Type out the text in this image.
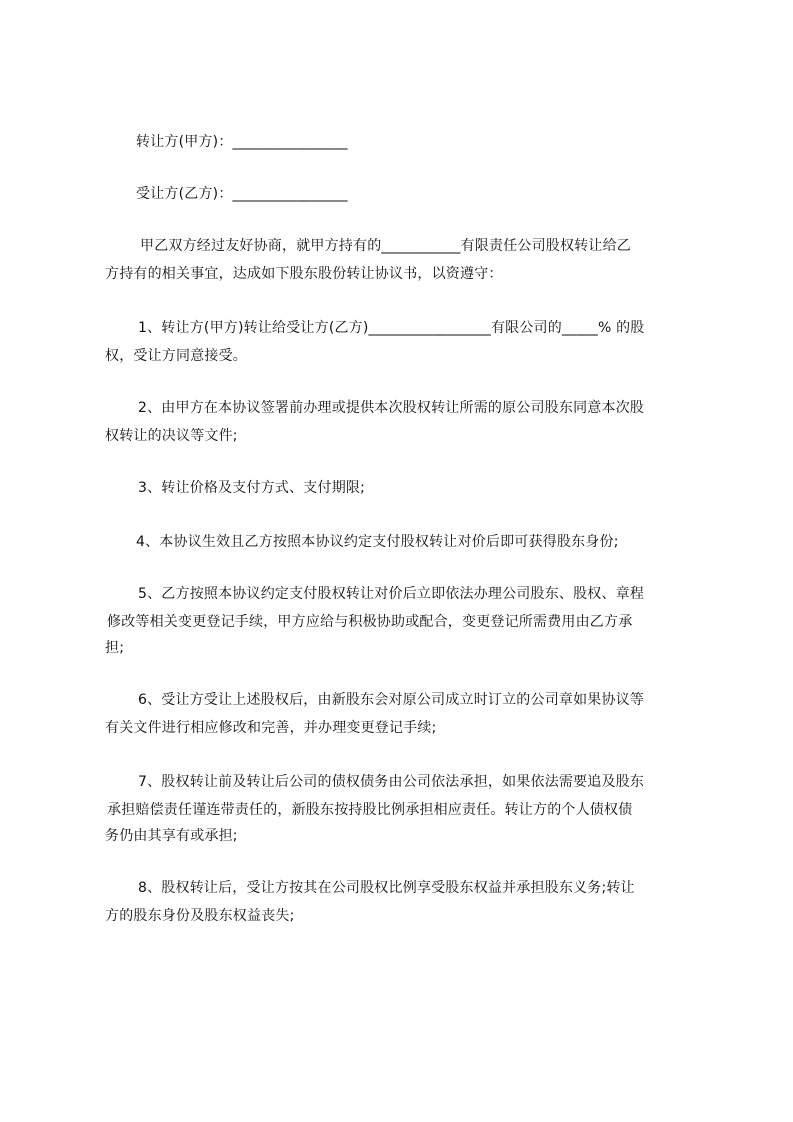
转让方(甲方)：________________
受让方(乙方)：________________
甲乙双方经过友好协商，就甲方持有的___________有限责任公司股权转让给乙
方持有的相关事宜，达成如下股东股份转让协议书，以资遵守：
1、转让方(甲方)转让给受让方(乙方)_________________有限公司的_____% 的股
权，受让方同意接受。
2、由甲方在本协议签署前办理或提供本次股权转让所需的原公司股东同意本次股
权转让的决议等文件;
3、转让价格及支付方式、支付期限;
4、本协议生效且乙方按照本协议约定支付股权转让对价后即可获得股东身份;
5、乙方按照本协议约定支付股权转让对价后立即依法办理公司股东、股权、章程
修改等相关变更登记手续，甲方应给与积极协助或配合，变更登记所需费用由乙方承
担;
6、受让方受让上述股权后，由新股东会对原公司成立时订立的公司章如果协议等
有关文件进行相应修改和完善，并办理变更登记手续;
7、股权转让前及转让后公司的债权债务由公司依法承担，如果依法需要追及股东
承担赔偿责任谨连带责任的，新股东按持股比例承担相应责任。转让方的个人债权债
务仍由其享有或承担;
8、股权转让后，受让方按其在公司股权比例享受股东权益并承担股东义务;转让
方的股东身份及股东权益丧失;
